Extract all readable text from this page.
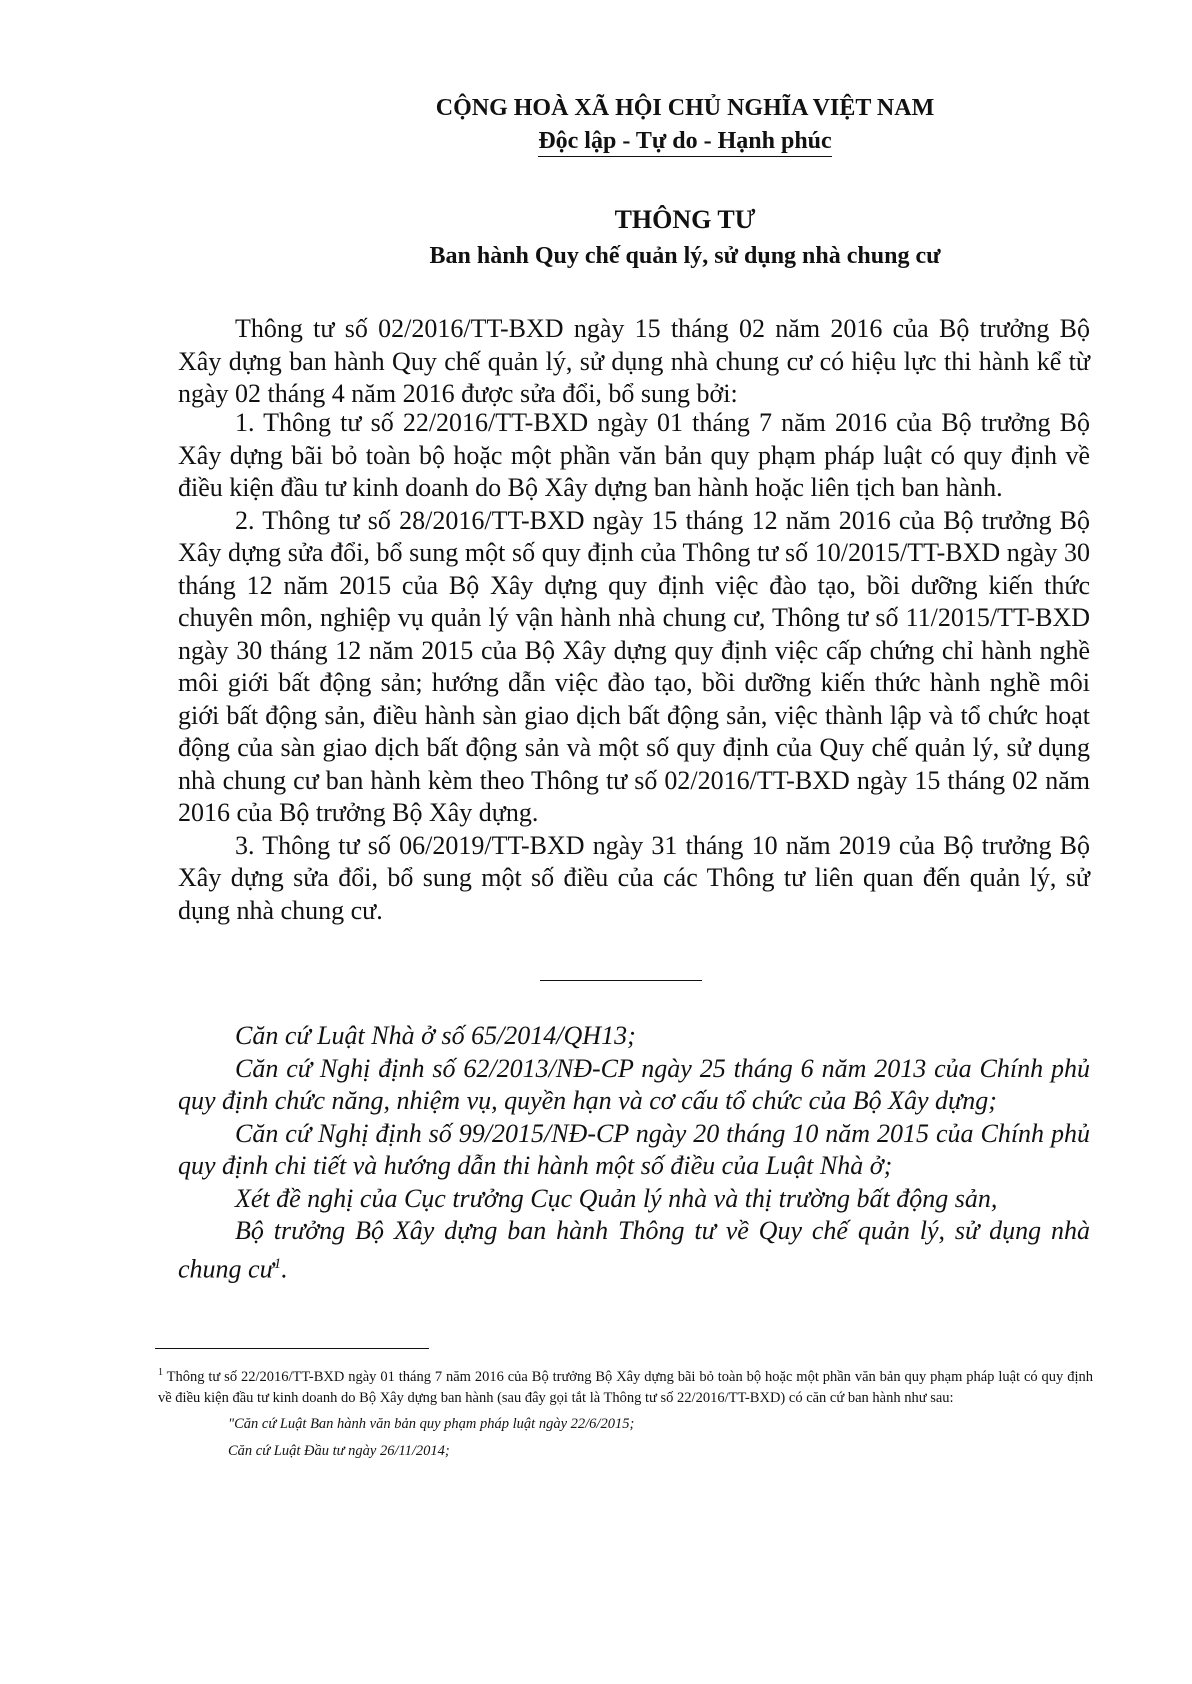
CỘNG HOÀ XÃ HỘI CHỦ NGHĨA VIỆT NAM
Độc lập - Tự do - Hạnh phúc
THÔNG TƯ
Ban hành Quy chế quản lý, sử dụng nhà chung cư

Thông tư số 02/2016/TT-BXD ngày 15 tháng 02 năm 2016 của Bộ trưởng Bộ Xây dựng ban hành Quy chế quản lý, sử dụng nhà chung cư có hiệu lực thi hành kể từ ngày 02 tháng 4 năm 2016 được sửa đổi, bổ sung bởi:

1. Thông tư số 22/2016/TT-BXD ngày 01 tháng 7 năm 2016 của Bộ trưởng Bộ Xây dựng bãi bỏ toàn bộ hoặc một phần văn bản quy phạm pháp luật có quy định về điều kiện đầu tư kinh doanh do Bộ Xây dựng ban hành hoặc liên tịch ban hành.

2. Thông tư số 28/2016/TT-BXD ngày 15 tháng 12 năm 2016 của Bộ trưởng Bộ Xây dựng sửa đổi, bổ sung một số quy định của Thông tư số 10/2015/TT-BXD ngày 30 tháng 12 năm 2015 của Bộ Xây dựng quy định việc đào tạo, bồi dưỡng kiến thức chuyên môn, nghiệp vụ quản lý vận hành nhà chung cư, Thông tư số 11/2015/TT-BXD ngày 30 tháng 12 năm 2015 của Bộ Xây dựng quy định việc cấp chứng chỉ hành nghề môi giới bất động sản; hướng dẫn việc đào tạo, bồi dưỡng kiến thức hành nghề môi giới bất động sản, điều hành sàn giao dịch bất động sản, việc thành lập và tổ chức hoạt động của sàn giao dịch bất động sản và một số quy định của Quy chế quản lý, sử dụng nhà chung cư ban hành kèm theo Thông tư số 02/2016/TT-BXD ngày 15 tháng 02 năm 2016 của Bộ trưởng Bộ Xây dựng.

3. Thông tư số 06/2019/TT-BXD ngày 31 tháng 10 năm 2019 của Bộ trưởng Bộ Xây dựng sửa đổi, bổ sung một số điều của các Thông tư liên quan đến quản lý, sử dụng nhà chung cư.

Căn cứ Luật Nhà ở số 65/2014/QH13;

Căn cứ Nghị định số 62/2013/NĐ-CP ngày 25 tháng 6 năm 2013 của Chính phủ quy định chức năng, nhiệm vụ, quyền hạn và cơ cấu tổ chức của Bộ Xây dựng;

Căn cứ Nghị định số 99/2015/NĐ-CP ngày 20 tháng 10 năm 2015 của Chính phủ quy định chi tiết và hướng dẫn thi hành một số điều của Luật Nhà ở;

Xét đề nghị của Cục trưởng Cục Quản lý nhà và thị trường bất động sản,

Bộ trưởng Bộ Xây dựng ban hành Thông tư về Quy chế quản lý, sử dụng nhà chung $cư^1$.

$^1$ Thông tư số 22/2016/TT-BXD ngày 01 tháng 7 năm 2016 của Bộ trưởng Bộ Xây dựng bãi bỏ toàn bộ hoặc một phần văn bản quy phạm pháp luật có quy định về điều kiện đầu tư kinh doanh do Bộ Xây dựng ban hành (sau đây gọi tắt là Thông tư số 22/2016/TT-BXD) có căn cứ ban hành như sau:

"Căn cứ Luật Ban hành văn bản quy phạm pháp luật ngày 22/6/2015;

Căn cứ Luật Đầu tư ngày 26/11/2014;
